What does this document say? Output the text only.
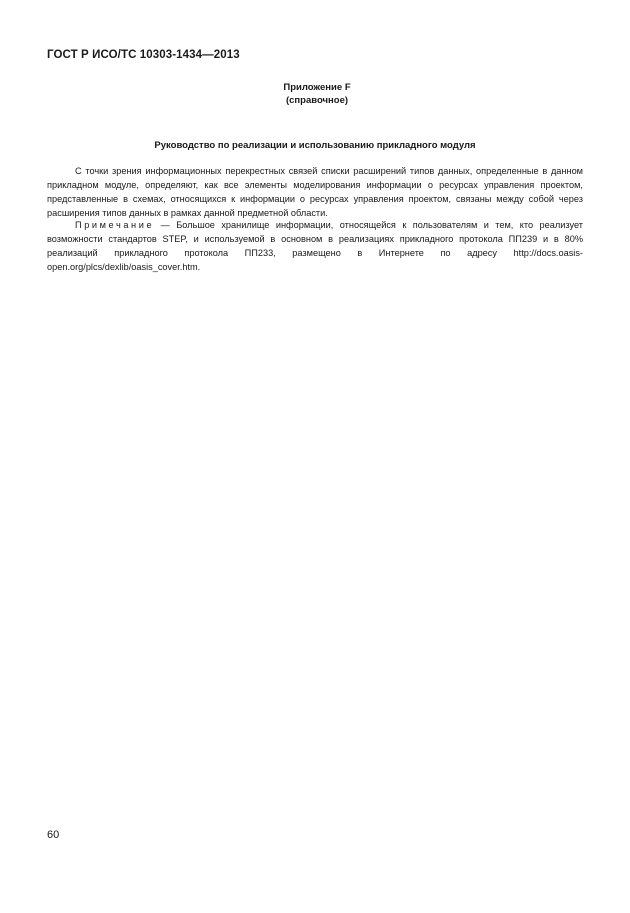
ГОСТ Р ИСО/ТС 10303-1434—2013
Приложение F
(справочное)
Руководство по реализации и использованию прикладного модуля

С точки зрения информационных перекрестных связей списки расширений типов данных, определенные в данном прикладном модуле, определяют, как все элементы моделирования информации о ресурсах управления проектом, представленные в схемах, относящихся к информации о ресурсах управления проектом, связаны между собой через расширения типов данных в рамках данной предметной области.

Примечание — Большое хранилище информации, относящейся к пользователям и тем, кто реализует возможности стандартов STEP, и используемой в основном в реализациях прикладного протокола ПП239 и в 80% реализаций прикладного протокола ПП233, размещено в Интернете по адресу http://docs.oasis-open.org/plcs/dexlib/oasis_cover.htm.

60
